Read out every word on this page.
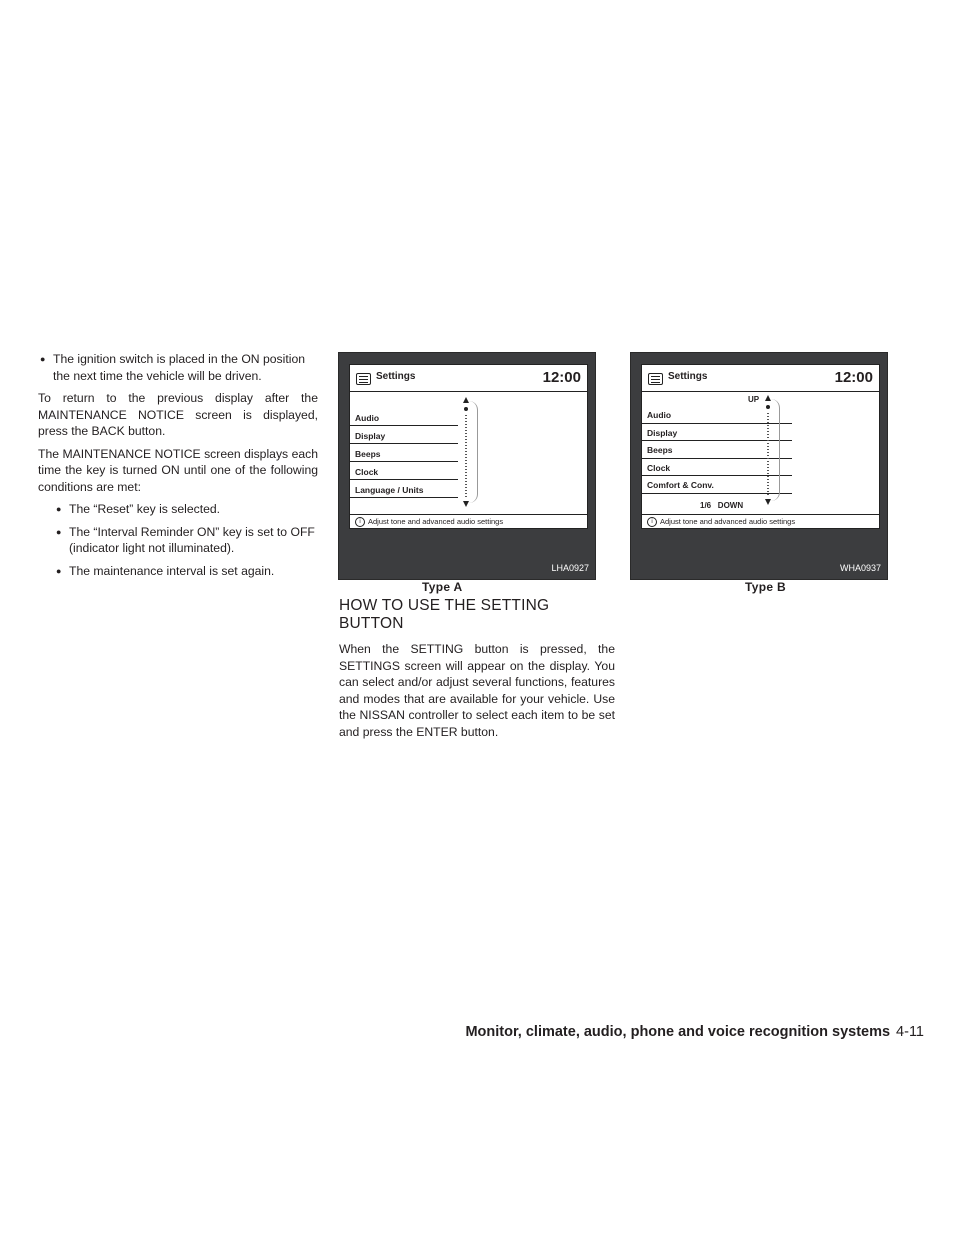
● The ignition switch is placed in the ON position the next time the vehicle will be driven.

To return to the previous display after the MAINTENANCE NOTICE screen is displayed, press the BACK button.

The MAINTENANCE NOTICE screen displays each time the key is turned ON until one of the following conditions are met:

● The “Reset” key is selected.
● The “Interval Reminder ON” key is set to OFF (indicator light not illuminated).
● The maintenance interval is set again.
Settings	12:00
Audio
Display
Beeps
Clock
Language / Units
i Adjust tone and advanced audio settings
LHA0927
Type A
Settings	12:00
UP
Audio
Display
Beeps
Clock
Comfort & Conv.
1/6 DOWN
i Adjust tone and advanced audio settings
WHA0937
Type B
HOW TO USE THE SETTING BUTTON

When the SETTING button is pressed, the SETTINGS screen will appear on the display. You can select and/or adjust several functions, features and modes that are available for your vehicle. Use the NISSAN controller to select each item to be set and press the ENTER button.

Monitor, climate, audio, phone and voice recognition systems 4-11
